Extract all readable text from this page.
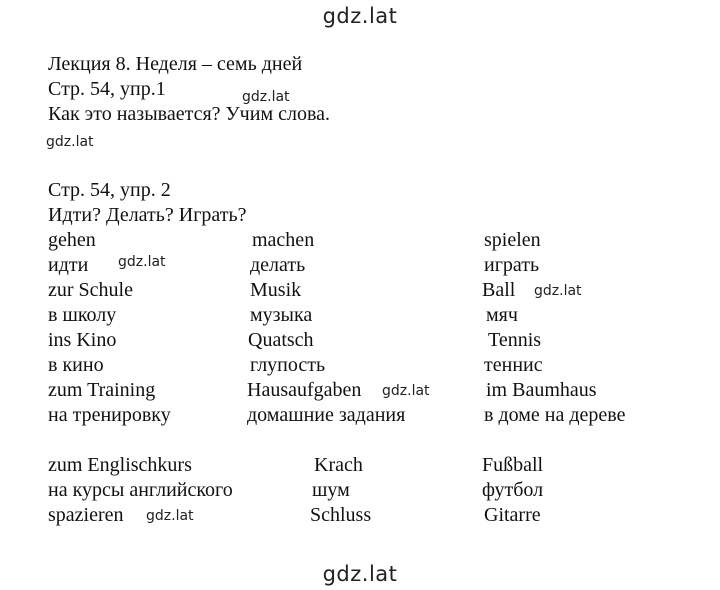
gdz.lat
Лекция 8. Неделя – семь дней
Стр. 54, упр.1	gdz.lat
Как это называется? Учим слова.
gdz.lat
Стр. 54, упр. 2
Идти? Делать? Играть?
gehen
идти
zur Schule
в школу
ins Kino
в кино
zum Training
на тренировку
machen
делать
Musik
музыка
Quatsch
глупость
Hausaufgaben
домашние задания
spielen
играть
Ball
мяч
Tennis
теннис
im Baumhaus
в доме на дереве
gdz.lat
gdz.lat
gdz.lat
zum Englischkurs
на курсы английского
spazieren
Krach
шум
Schluss
Fußball
футбол
Gitarre
gdz.lat
gdz.lat
